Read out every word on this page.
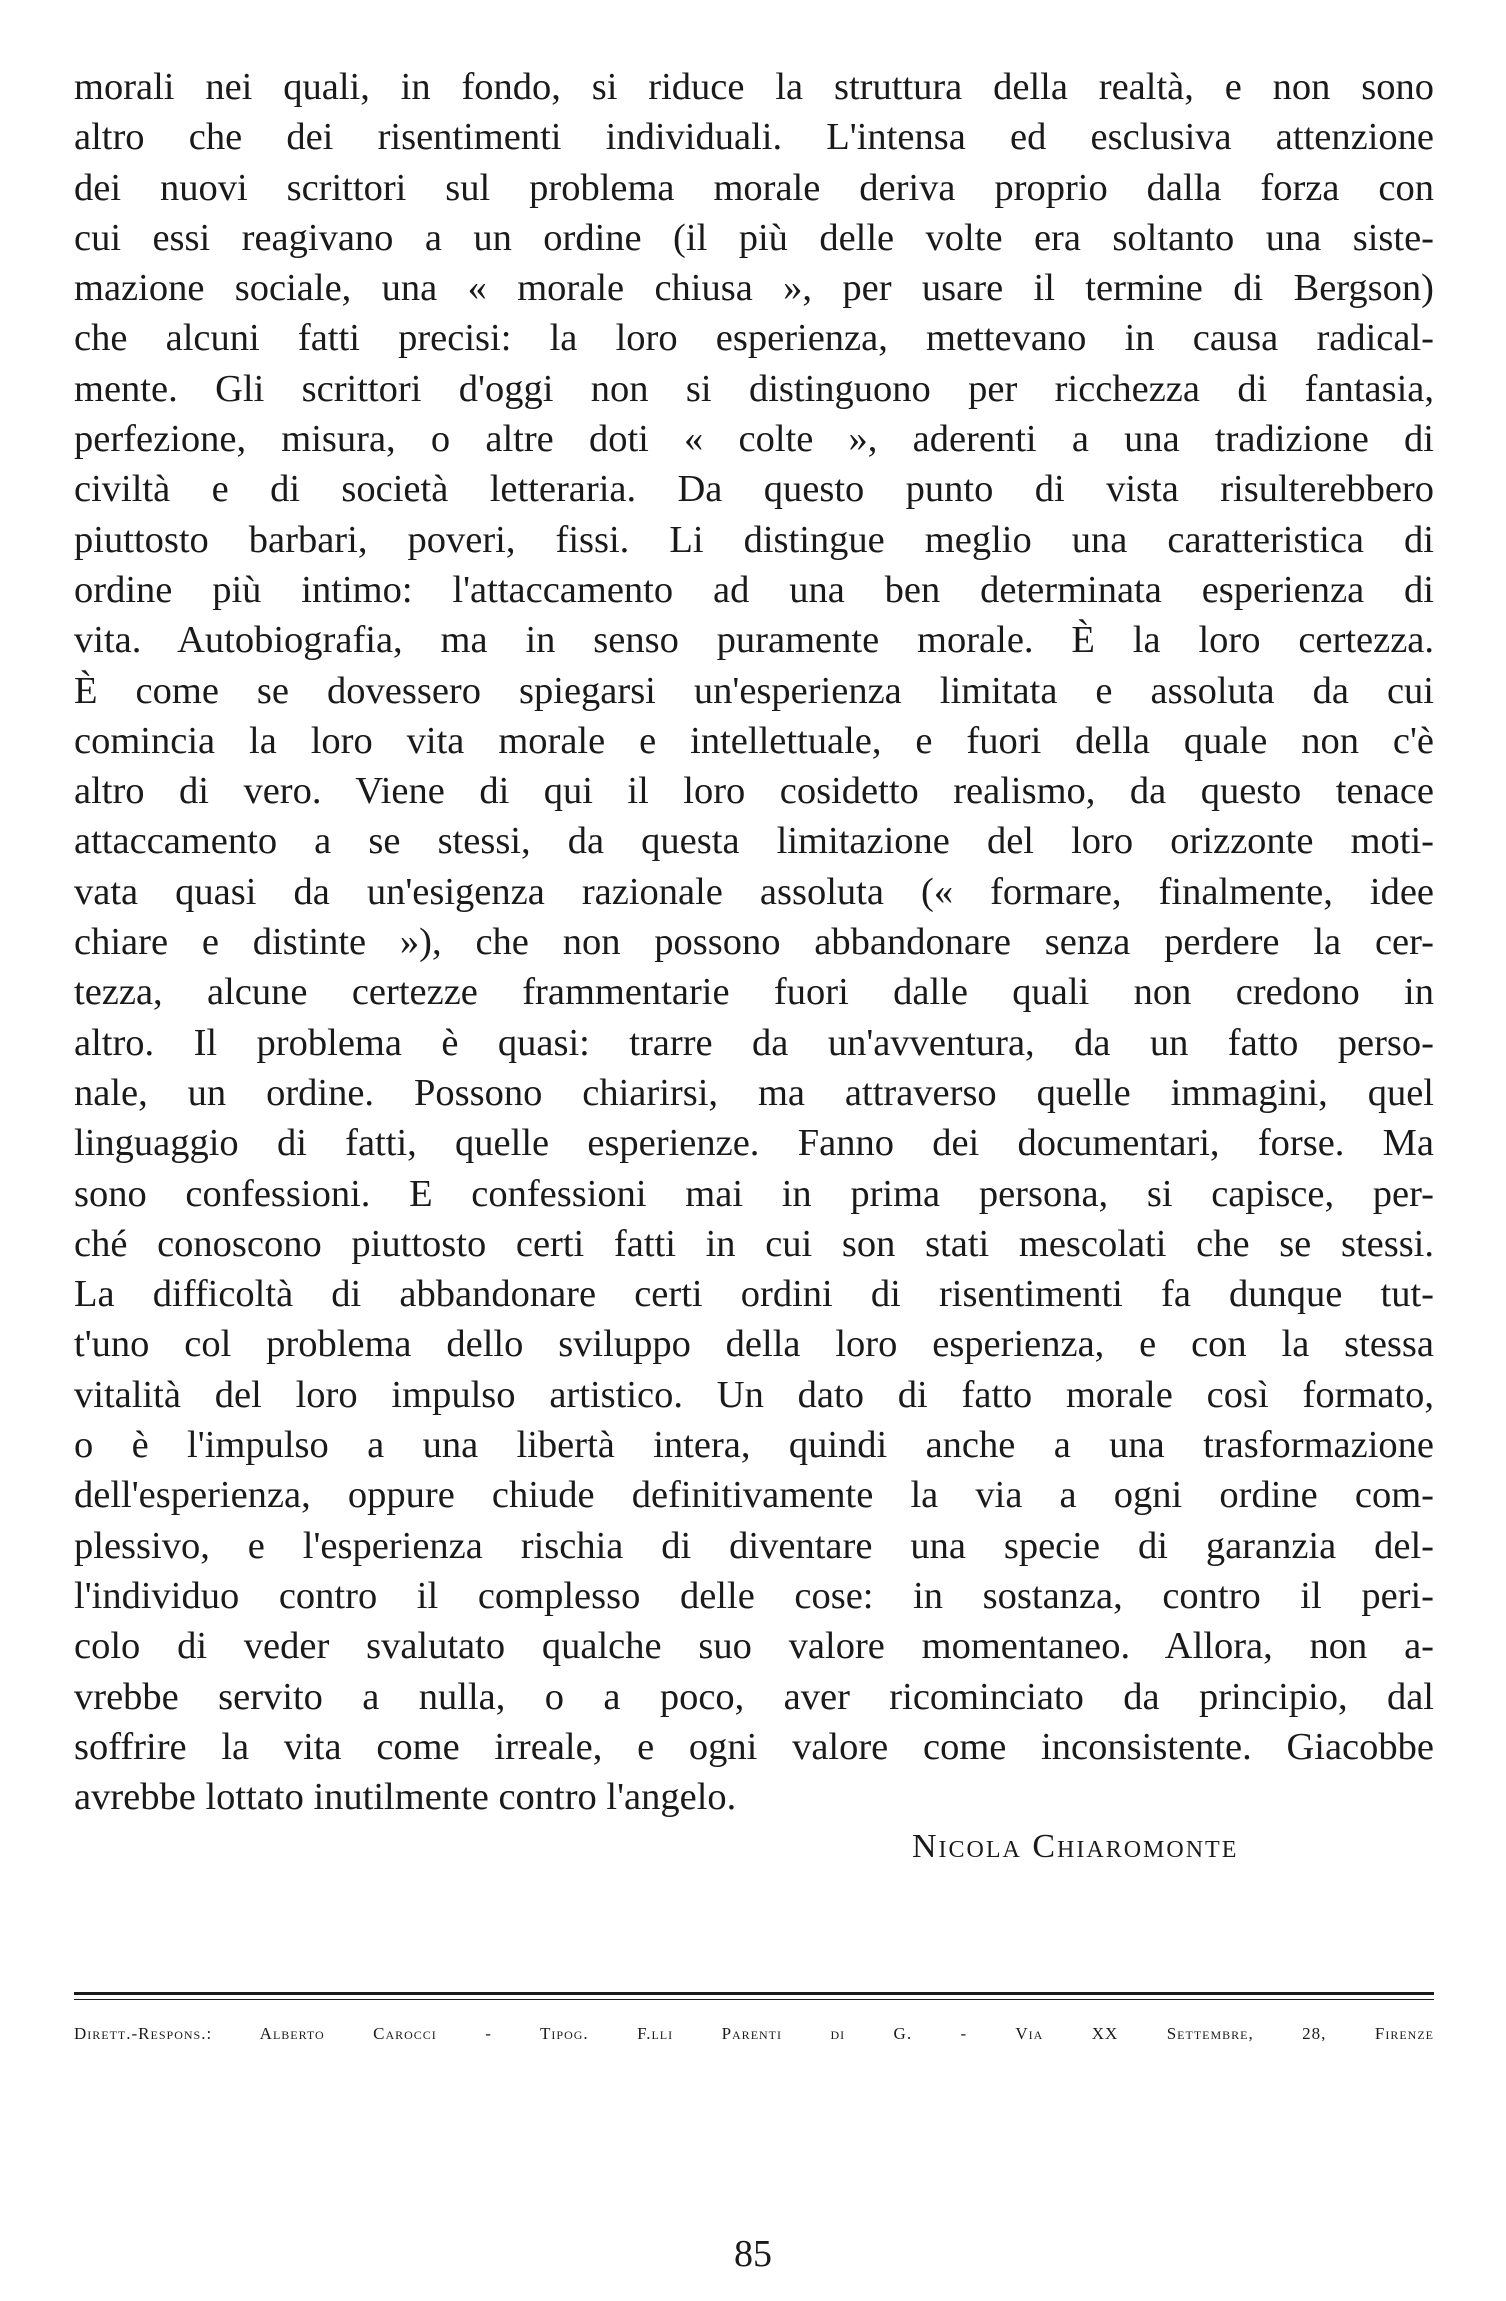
morali nei quali, in fondo, si riduce la struttura della realtà, e non sono
altro che dei risentimenti individuali. L'intensa ed esclusiva attenzione
dei nuovi scrittori sul problema morale deriva proprio dalla forza con
cui essi reagivano a un ordine (il più delle volte era soltanto una siste-
mazione sociale, una « morale chiusa », per usare il termine di Bergson)
che alcuni fatti precisi: la loro esperienza, mettevano in causa radical-
mente. Gli scrittori d'oggi non si distinguono per ricchezza di fantasia,
perfezione, misura, o altre doti « colte », aderenti a una tradizione di
civiltà e di società letteraria. Da questo punto di vista risulterebbero
piuttosto barbari, poveri, fissi. Li distingue meglio una caratteristica di
ordine più intimo: l'attaccamento ad una ben determinata esperienza di
vita. Autobiografia, ma in senso puramente morale. È la loro certezza.
È come se dovessero spiegarsi un'esperienza limitata e assoluta da cui
comincia la loro vita morale e intellettuale, e fuori della quale non c'è
altro di vero. Viene di qui il loro cosidetto realismo, da questo tenace
attaccamento a se stessi, da questa limitazione del loro orizzonte moti-
vata quasi da un'esigenza razionale assoluta (« formare, finalmente, idee
chiare e distinte »), che non possono abbandonare senza perdere la cer-
tezza, alcune certezze frammentarie fuori dalle quali non credono in
altro. Il problema è quasi: trarre da un'avventura, da un fatto perso-
nale, un ordine. Possono chiarirsi, ma attraverso quelle immagini, quel
linguaggio di fatti, quelle esperienze. Fanno dei documentari, forse. Ma
sono confessioni. E confessioni mai in prima persona, si capisce, per-
ché conoscono piuttosto certi fatti in cui son stati mescolati che se stessi.
La difficoltà di abbandonare certi ordini di risentimenti fa dunque tut-
t'uno col problema dello sviluppo della loro esperienza, e con la stessa
vitalità del loro impulso artistico. Un dato di fatto morale così formato,
o è l'impulso a una libertà intera, quindi anche a una trasformazione
dell'esperienza, oppure chiude definitivamente la via a ogni ordine com-
plessivo, e l'esperienza rischia di diventare una specie di garanzia del-
l'individuo contro il complesso delle cose: in sostanza, contro il peri-
colo di veder svalutato qualche suo valore momentaneo. Allora, non a-
vrebbe servito a nulla, o a poco, aver ricominciato da principio, dal
soffrire la vita come irreale, e ogni valore come inconsistente. Giacobbe
avrebbe lottato inutilmente contro l'angelo.
Nicola Chiaromonte
Dirett.-Respons.: Alberto Carocci - Tipog. F.lli Parenti di G. - Via XX Settembre, 28, Firenze
85
